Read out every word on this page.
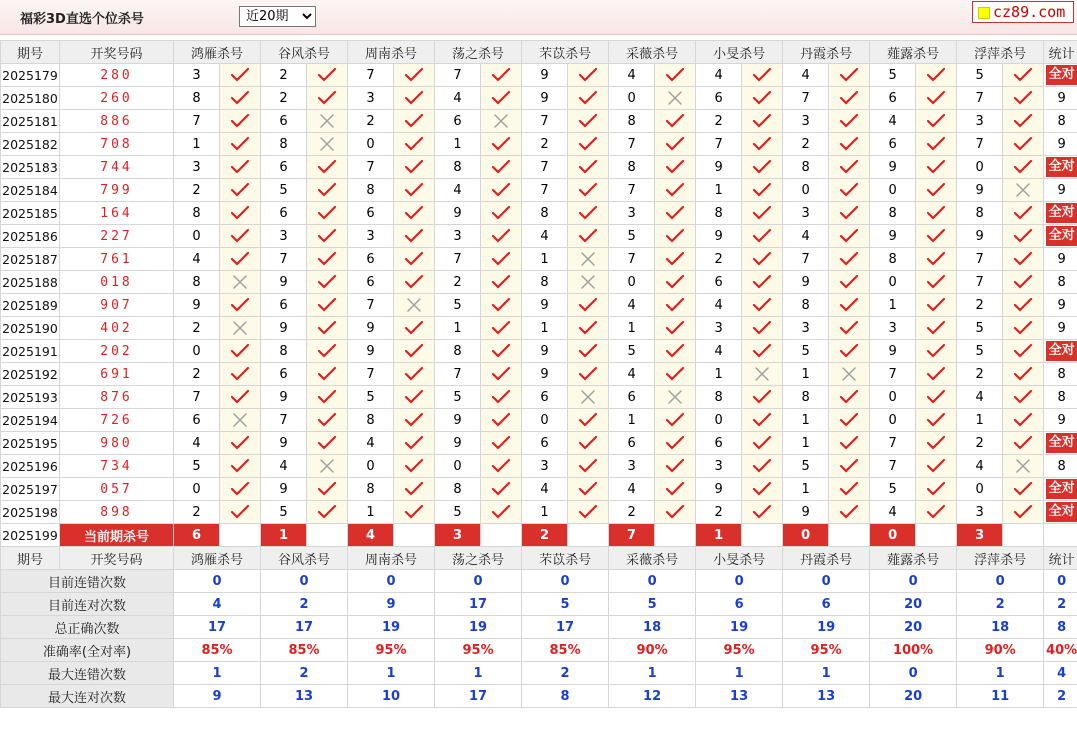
福彩3D直选个位杀号
近20期	cz89.com
期号	开奖号码	鸿雁杀号		谷风杀号		周南杀号		荡之杀号		芣苡杀号		采薇杀号		小旻杀号		丹霞杀号		薤露杀号		浮萍杀号		统计
2025179	280	3		2		7		7		9		4		4		4		5		5		全对
2025180	260	8		2		3		4		9		0		6		7		6		7		9
2025181	886	7		6		2		6		7		8		2		3		4		3		8
2025182	708	1		8		0		1		2		7		7		2		6		7		9
2025183	744	3		6		7		8		7		8		9		8		9		0		全对
2025184	799	2		5		8		4		7		7		1		0		0		9		9
2025185	164	8		6		6		9		8		3		8		3		8		8		全对
2025186	227	0		3		3		3		4		5		9		4		9		9		全对
2025187	761	4		7		6		7		1		7		2		7		8		7		9
2025188	018	8		9		6		2		8		0		6		9		0		7		8
2025189	907	9		6		7		5		9		4		4		8		1		2		9
2025190	402	2		9		9		1		1		1		3		3		3		5		9
2025191	202	0		8		9		8		9		5		4		5		9		5		全对
2025192	691	2		6		7		7		9		4		1		1		7		2		8
2025193	876	7		9		5		5		6		6		8		8		0		4		8
2025194	726	6		7		8		9		0		1		0		1		0		1		9
2025195	980	4		9		4		9		6		6		6		1		7		2		全对
2025196	734	5		4		0		0		3		3		3		5		7		4		8
2025197	057	0		9		8		8		4		4		9		1		5		0		全对
2025198	898	2		5		1		5		1		2		2		9		4		3		全对
2025199	当前期杀号	6		1		4		3		2		7		1		0		0		3		
期号	开奖号码	鸿雁杀号		谷风杀号		周南杀号		荡之杀号		芣苡杀号		采薇杀号		小旻杀号		丹霞杀号		薤露杀号		浮萍杀号		统计
目前连错次数		0		0		0		0		0		0		0		0		0		0		0
目前连对次数		4		2		9		17		5		5		6		6		20		2		2
总正确次数		17		17		19		19		17		18		19		19		20		18		8
准确率(全对率)		85%		85%		95%		95%		85%		90%		95%		95%		100%		90%		40%
最大连错次数		1		2		1		1		2		1		1		1		0		1		4
最大连对次数		9		13		10		17		8		12		13		13		20		11		2
